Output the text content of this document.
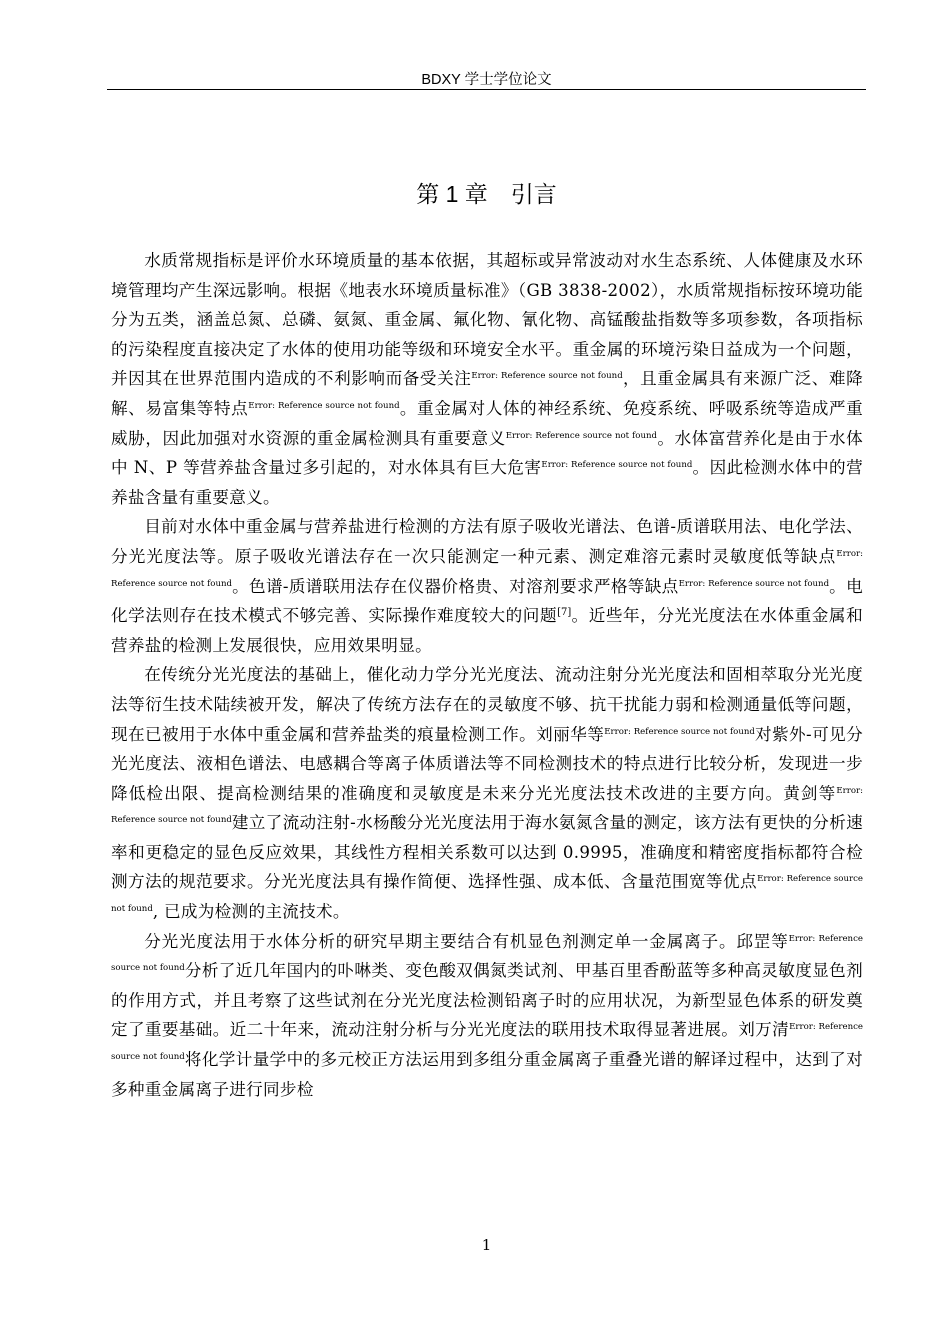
BDXY 学士学位论文
第 1 章　引言

水质常规指标是评价水环境质量的基本依据，其超标或异常波动对水生态系统、人体健康及水环境管理均产生深远影响。根据《地表水环境质量标准》（GB 3838-2002），水质常规指标按环境功能分为五类，涵盖总氮、总磷、氨氮、重金属、氟化物、氰化物、高锰酸盐指数等多项参数，各项指标的污染程度直接决定了水体的使用功能等级和环境安全水平。重金属的环境污染日益成为一个问题，并因其在世界范围内造成的不利影响而备受关注$^{Error: Reference source not found}$，且重金属具有来源广泛、难降解、易富集等特点$^{Error: Reference source not found}$。重金属对人体的神经系统、免疫系统、呼吸系统等造成严重威胁，因此加强对水资源的重金属检测具有重要意义$^{Error: Reference source not found}$。水体富营养化是由于水体中 N、P 等营养盐含量过多引起的，对水体具有巨大危害$^{Error: Reference source not found}$。因此检测水体中的营养盐含量有重要意义。

目前对水体中重金属与营养盐进行检测的方法有原子吸收光谱法、色谱-质谱联用法、电化学法、分光光度法等。原子吸收光谱法存在一次只能测定一种元素、测定难溶元素时灵敏度低等缺点$^{Error: Reference source not found}$。色谱-质谱联用法存在仪器价格贵、对溶剂要求严格等缺点$^{Error: Reference source not found}$。电化学法则存在技术模式不够完善、实际操作难度较大的问题[7]。近些年，分光光度法在水体重金属和营养盐的检测上发展很快，应用效果明显。

在传统分光光度法的基础上，催化动力学分光光度法、流动注射分光光度法和固相萃取分光光度法等衍生技术陆续被开发，解决了传统方法存在的灵敏度不够、抗干扰能力弱和检测通量低等问题，现在已被用于水体中重金属和营养盐类的痕量检测工作。刘丽华等$^{Error: Reference source not found}$对紫外-可见分光光度法、液相色谱法、电感耦合等离子体质谱法等不同检测技术的特点进行比较分析，发现进一步降低检出限、提高检测结果的准确度和灵敏度是未来分光光度法技术改进的主要方向。黄剑等$^{Error: Reference source not found}$建立了流动注射-水杨酸分光光度法用于海水氨氮含量的测定，该方法有更快的分析速率和更稳定的显色反应效果，其线性方程相关系数可以达到 0.9995，准确度和精密度指标都符合检测方法的规范要求。分光光度法具有操作简便、选择性强、成本低、含量范围宽等优点$^{Error: Reference source not found}$, 已成为检测的主流技术。

分光光度法用于水体分析的研究早期主要结合有机显色剂测定单一金属离子。邱罡等$^{Error: Reference source not found}$分析了近几年国内的卟啉类、变色酸双偶氮类试剂、甲基百里香酚蓝等多种高灵敏度显色剂的作用方式，并且考察了这些试剂在分光光度法检测铅离子时的应用状况，为新型显色体系的研发奠定了重要基础。近二十年来，流动注射分析与分光光度法的联用技术取得显著进展。刘万清$^{Error: Reference source not found}$将化学计量学中的多元校正方法运用到多组分重金属离子重叠光谱的解译过程中，达到了对多种重金属离子进行同步检

1
